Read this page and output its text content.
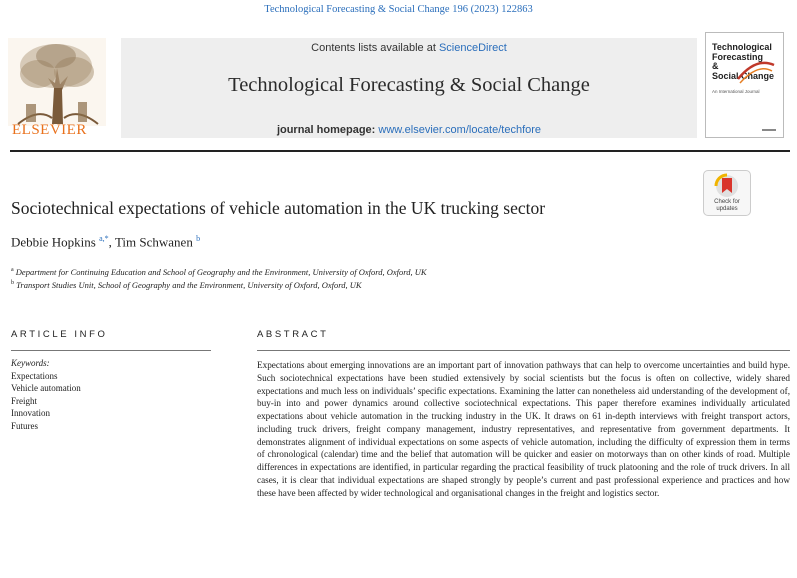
Technological Forecasting & Social Change 196 (2023) 122863
ELSEVIER
Contents lists available at ScienceDirect
Technological Forecasting & Social Change
journal homepage: www.elsevier.com/locate/techfore
Technological
Forecasting
&
Social Change
An International Journal
Sociotechnical expectations of vehicle automation in the UK trucking sector	Check for updates
Debbie Hopkins $^{a,*}$, Tim Schwanen $^b$
$^a$ Department for Continuing Education and School of Geography and the Environment, University of Oxford, Oxford, UK
$^b$ Transport Studies Unit, School of Geography and the Environment, University of Oxford, Oxford, UK
ARTICLE INFO	ABSTRACT
Keywords:
Expectations
Vehicle automation
Freight
Innovation
Futures
Expectations about emerging innovations are an important part of innovation pathways that can help to overcome uncertainties and build hype. Such sociotechnical expectations have been studied extensively by social scientists but the focus is often on collective, widely shared expectations and much less on individuals’ specific expectations. Examining the latter can nonetheless aid understanding of the development of, buy-in into and power dynamics around collective sociotechnical expectations. This paper therefore examines individually articulated expectations about vehicle automation in the trucking industry in the UK. It draws on 61 in-depth interviews with freight transport actors, including truck drivers, freight company management, industry representatives, and representative from government departments. It demonstrates alignment of individual expectations on some aspects of vehicle automation, including the difficulty of expression them in terms of chronological (calendar) time and the belief that automation will be quicker and easier on motorways than on other kinds of road. Multiple differences in expectations are identified, in particular regarding the practical feasibility of truck platooning and the role of truck drivers. In all cases, it is clear that individual expectations are shaped strongly by people’s current and past professional experience and practices and how these have been affected by wider technological and organisational changes in the freight and logistics sector.
